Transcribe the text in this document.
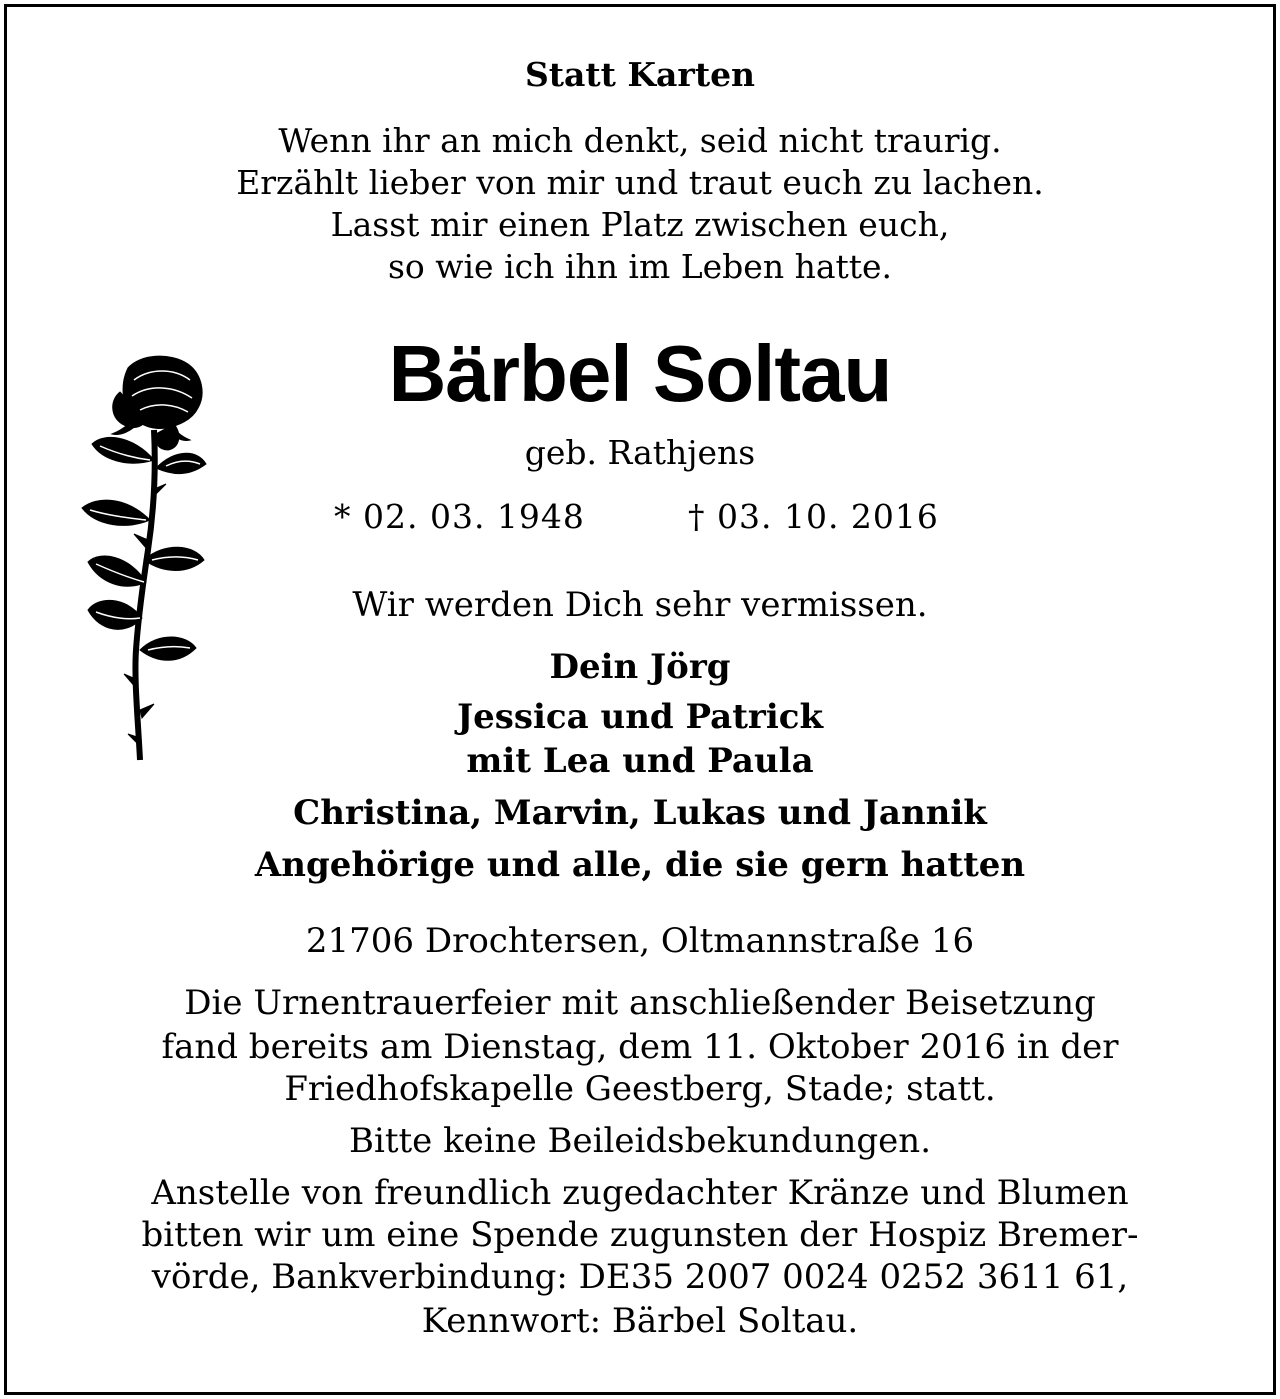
Statt Karten
Wenn ihr an mich denkt, seid nicht traurig.
Erzählt lieber von mir und traut euch zu lachen.
Lasst mir einen Platz zwischen euch,
so wie ich ihn im Leben hatte.
Bärbel Soltau
geb. Rathjens
* 02. 03. 1948	† 03. 10. 2016
Wir werden Dich sehr vermissen.
Dein Jörg
Jessica und Patrick
mit Lea und Paula
Christina, Marvin, Lukas und Jannik
Angehörige und alle, die sie gern hatten
21706 Drochtersen, Oltmannstraße 16
Die Urnentrauerfeier mit anschließender Beisetzung
fand bereits am Dienstag, dem 11. Oktober 2016 in der
Friedhofskapelle Geestberg, Stade; statt.
Bitte keine Beileidsbekundungen.
Anstelle von freundlich zugedachter Kränze und Blumen
bitten wir um eine Spende zugunsten der Hospiz Bremer-
vörde, Bankverbindung: DE35 2007 0024 0252 3611 61,
Kennwort: Bärbel Soltau.
